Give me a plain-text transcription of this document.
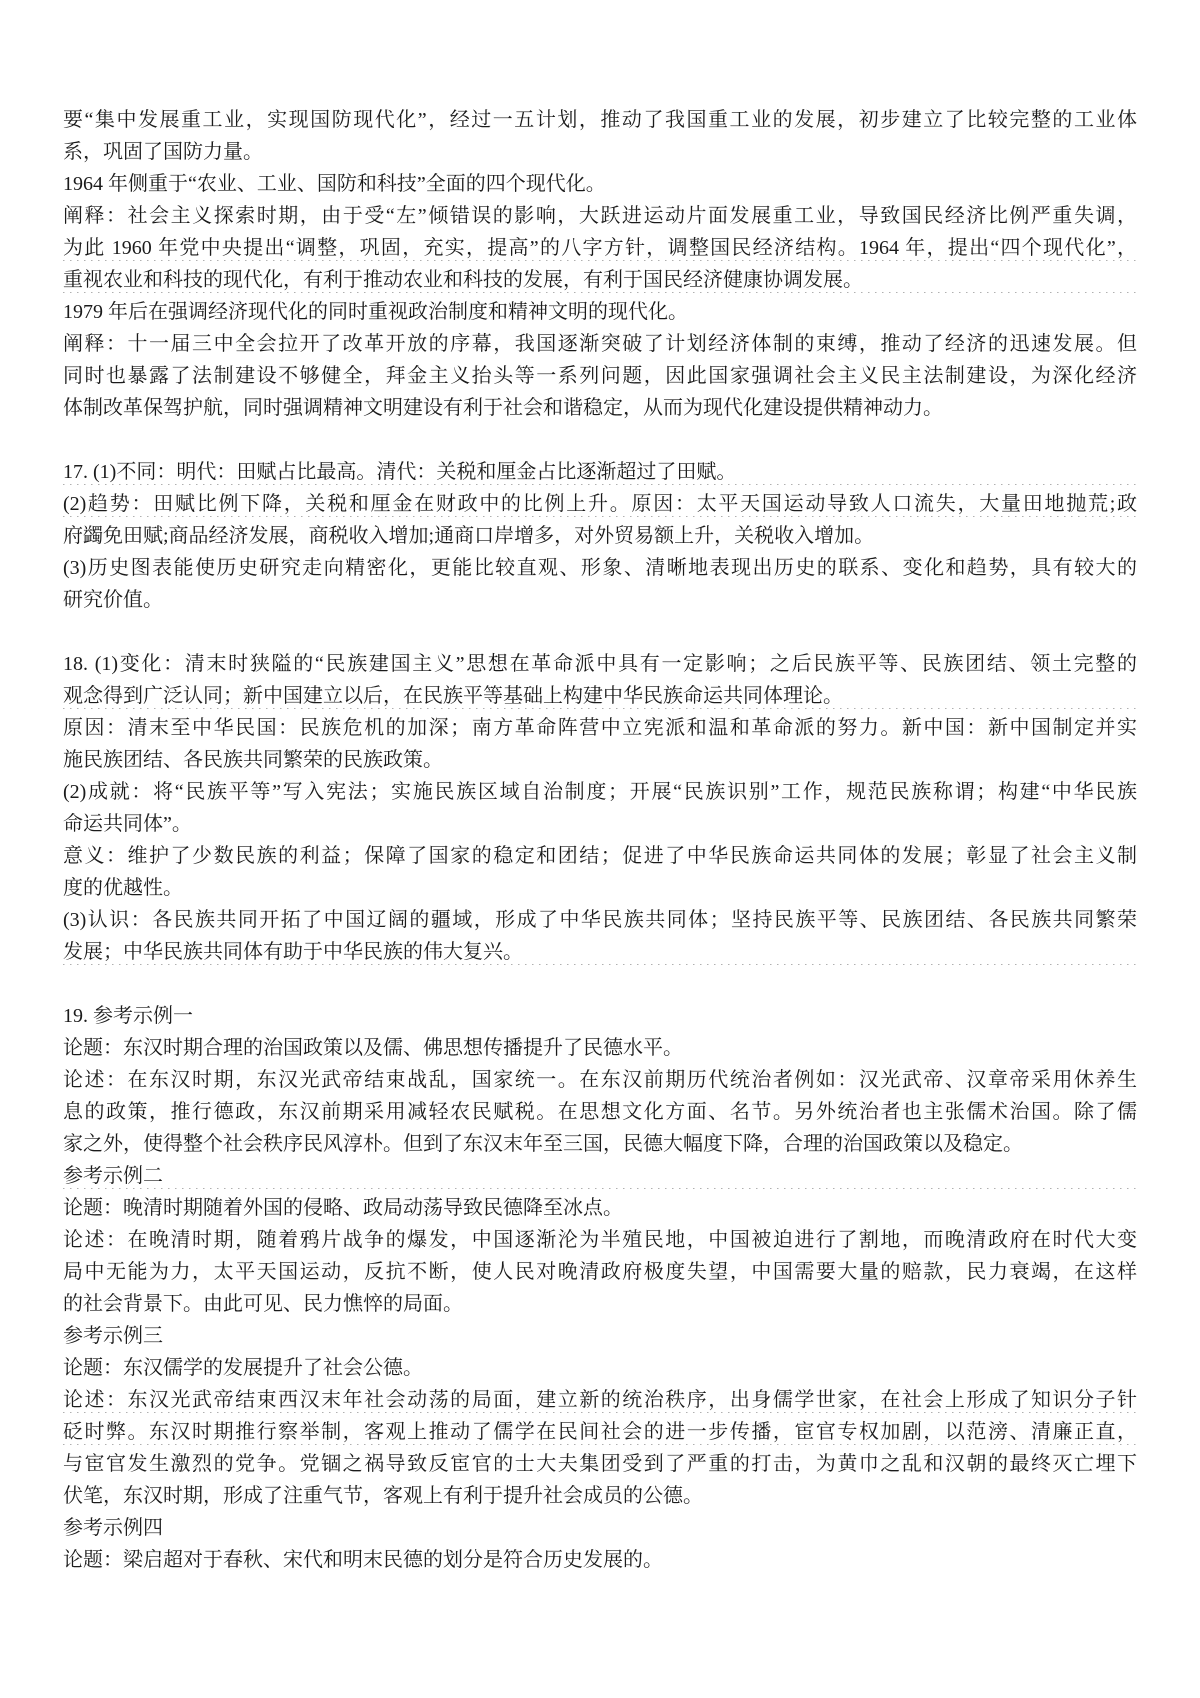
要“集中发展重工业，实现国防现代化”，经过一五计划，推动了我国重工业的发展，初步建立了比较完整的工业体
系，巩固了国防力量。
1964 年侧重于“农业、工业、国防和科技”全面的四个现代化。
阐释：社会主义探索时期，由于受“左”倾错误的影响，大跃进运动片面发展重工业，导致国民经济比例严重失调，
为此 1960 年党中央提出“调整，巩固，充实，提高”的八字方针，调整国民经济结构。1964 年，提出“四个现代化”，
重视农业和科技的现代化，有利于推动农业和科技的发展，有利于国民经济健康协调发展。
1979 年后在强调经济现代化的同时重视政治制度和精神文明的现代化。
阐释：十一届三中全会拉开了改革开放的序幕，我国逐渐突破了计划经济体制的束缚，推动了经济的迅速发展。但
同时也暴露了法制建设不够健全，拜金主义抬头等一系列问题，因此国家强调社会主义民主法制建设，为深化经济
体制改革保驾护航，同时强调精神文明建设有利于社会和谐稳定，从而为现代化建设提供精神动力。
17. (1)不同：明代：田赋占比最高。清代：关税和厘金占比逐渐超过了田赋。
(2)趋势：田赋比例下降，关税和厘金在财政中的比例上升。原因：太平天国运动导致人口流失，大量田地抛荒;政
府蠲免田赋;商品经济发展，商税收入增加;通商口岸增多，对外贸易额上升，关税收入增加。
(3)历史图表能使历史研究走向精密化，更能比较直观、形象、清晰地表现出历史的联系、变化和趋势，具有较大的
研究价值。
18. (1)变化：清末时狭隘的“民族建国主义”思想在革命派中具有一定影响；之后民族平等、民族团结、领土完整的
观念得到广泛认同；新中国建立以后，在民族平等基础上构建中华民族命运共同体理论。
原因：清末至中华民国：民族危机的加深；南方革命阵营中立宪派和温和革命派的努力。新中国：新中国制定并实
施民族团结、各民族共同繁荣的民族政策。
(2)成就：将“民族平等”写入宪法；实施民族区域自治制度；开展“民族识别”工作，规范民族称谓；构建“中华民族
命运共同体”。
意义：维护了少数民族的利益；保障了国家的稳定和团结；促进了中华民族命运共同体的发展；彰显了社会主义制
度的优越性。
(3)认识：各民族共同开拓了中国辽阔的疆域，形成了中华民族共同体；坚持民族平等、民族团结、各民族共同繁荣
发展；中华民族共同体有助于中华民族的伟大复兴。
19. 参考示例一
论题：东汉时期合理的治国政策以及儒、佛思想传播提升了民德水平。
论述：在东汉时期，东汉光武帝结束战乱，国家统一。在东汉前期历代统治者例如：汉光武帝、汉章帝采用休养生
息的政策，推行德政，东汉前期采用减轻农民赋税。在思想文化方面、名节。另外统治者也主张儒术治国。除了儒
家之外，使得整个社会秩序民风淳朴。但到了东汉末年至三国，民德大幅度下降，合理的治国政策以及稳定。
参考示例二
论题：晚清时期随着外国的侵略、政局动荡导致民德降至冰点。
论述：在晚清时期，随着鸦片战争的爆发，中国逐渐沦为半殖民地，中国被迫进行了割地，而晚清政府在时代大变
局中无能为力，太平天国运动，反抗不断，使人民对晚清政府极度失望，中国需要大量的赔款，民力衰竭，在这样
的社会背景下。由此可见、民力憔悴的局面。
参考示例三
论题：东汉儒学的发展提升了社会公德。
论述：东汉光武帝结束西汉末年社会动荡的局面，建立新的统治秩序，出身儒学世家，在社会上形成了知识分子针
砭时弊。东汉时期推行察举制，客观上推动了儒学在民间社会的进一步传播，宦官专权加剧，以范滂、清廉正直，
与宦官发生激烈的党争。党锢之祸导致反宦官的士大夫集团受到了严重的打击，为黄巾之乱和汉朝的最终灭亡埋下
伏笔，东汉时期，形成了注重气节，客观上有利于提升社会成员的公德。
参考示例四
论题：梁启超对于春秋、宋代和明末民德的划分是符合历史发展的。
